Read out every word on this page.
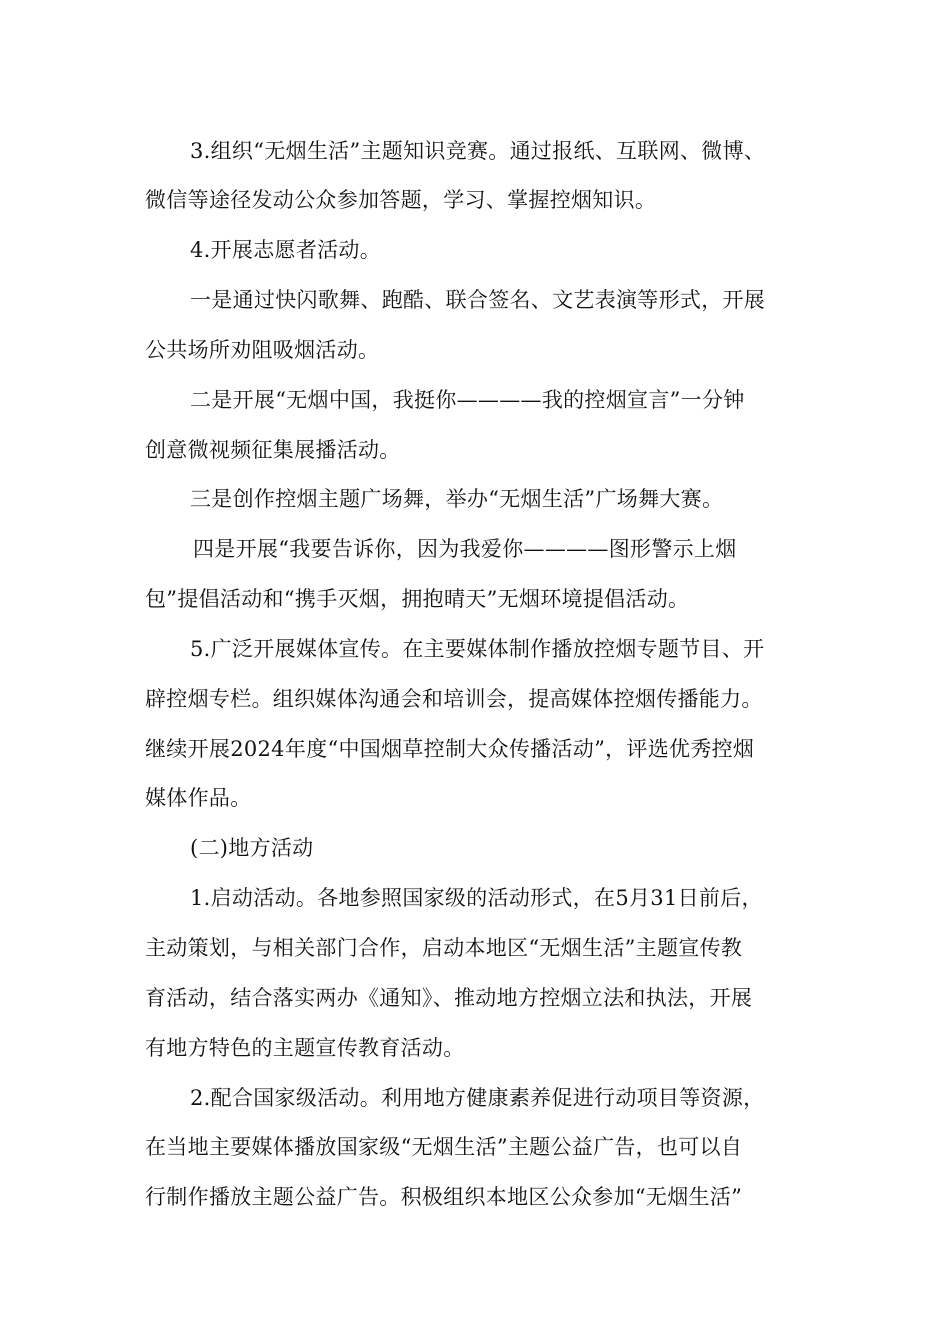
3.组织“无烟生活”主题知识竞赛。通过报纸、互联网、微博、
微信等途径发动公众参加答题，学习、掌握控烟知识。
4.开展志愿者活动。
一是通过快闪歌舞、跑酷、联合签名、文艺表演等形式，开展
公共场所劝阻吸烟活动。
二是开展“无烟中国，我挺你————我的控烟宣言”一分钟
创意微视频征集展播活动。
三是创作控烟主题广场舞，举办“无烟生活”广场舞大赛。
四是开展“我要告诉你，因为我爱你————图形警示上烟
包”提倡活动和“携手灭烟，拥抱晴天”无烟环境提倡活动。
5.广泛开展媒体宣传。在主要媒体制作播放控烟专题节目、开
辟控烟专栏。组织媒体沟通会和培训会，提高媒体控烟传播能力。
继续开展2024年度“中国烟草控制大众传播活动”，评选优秀控烟
媒体作品。
(二)地方活动
1.启动活动。各地参照国家级的活动形式，在5月31日前后，
主动策划，与相关部门合作，启动本地区“无烟生活”主题宣传教
育活动，结合落实两办《通知》、推动地方控烟立法和执法，开展
有地方特色的主题宣传教育活动。
2.配合国家级活动。利用地方健康素养促进行动项目等资源，
在当地主要媒体播放国家级“无烟生活”主题公益广告，也可以自
行制作播放主题公益广告。积极组织本地区公众参加“无烟生活”
